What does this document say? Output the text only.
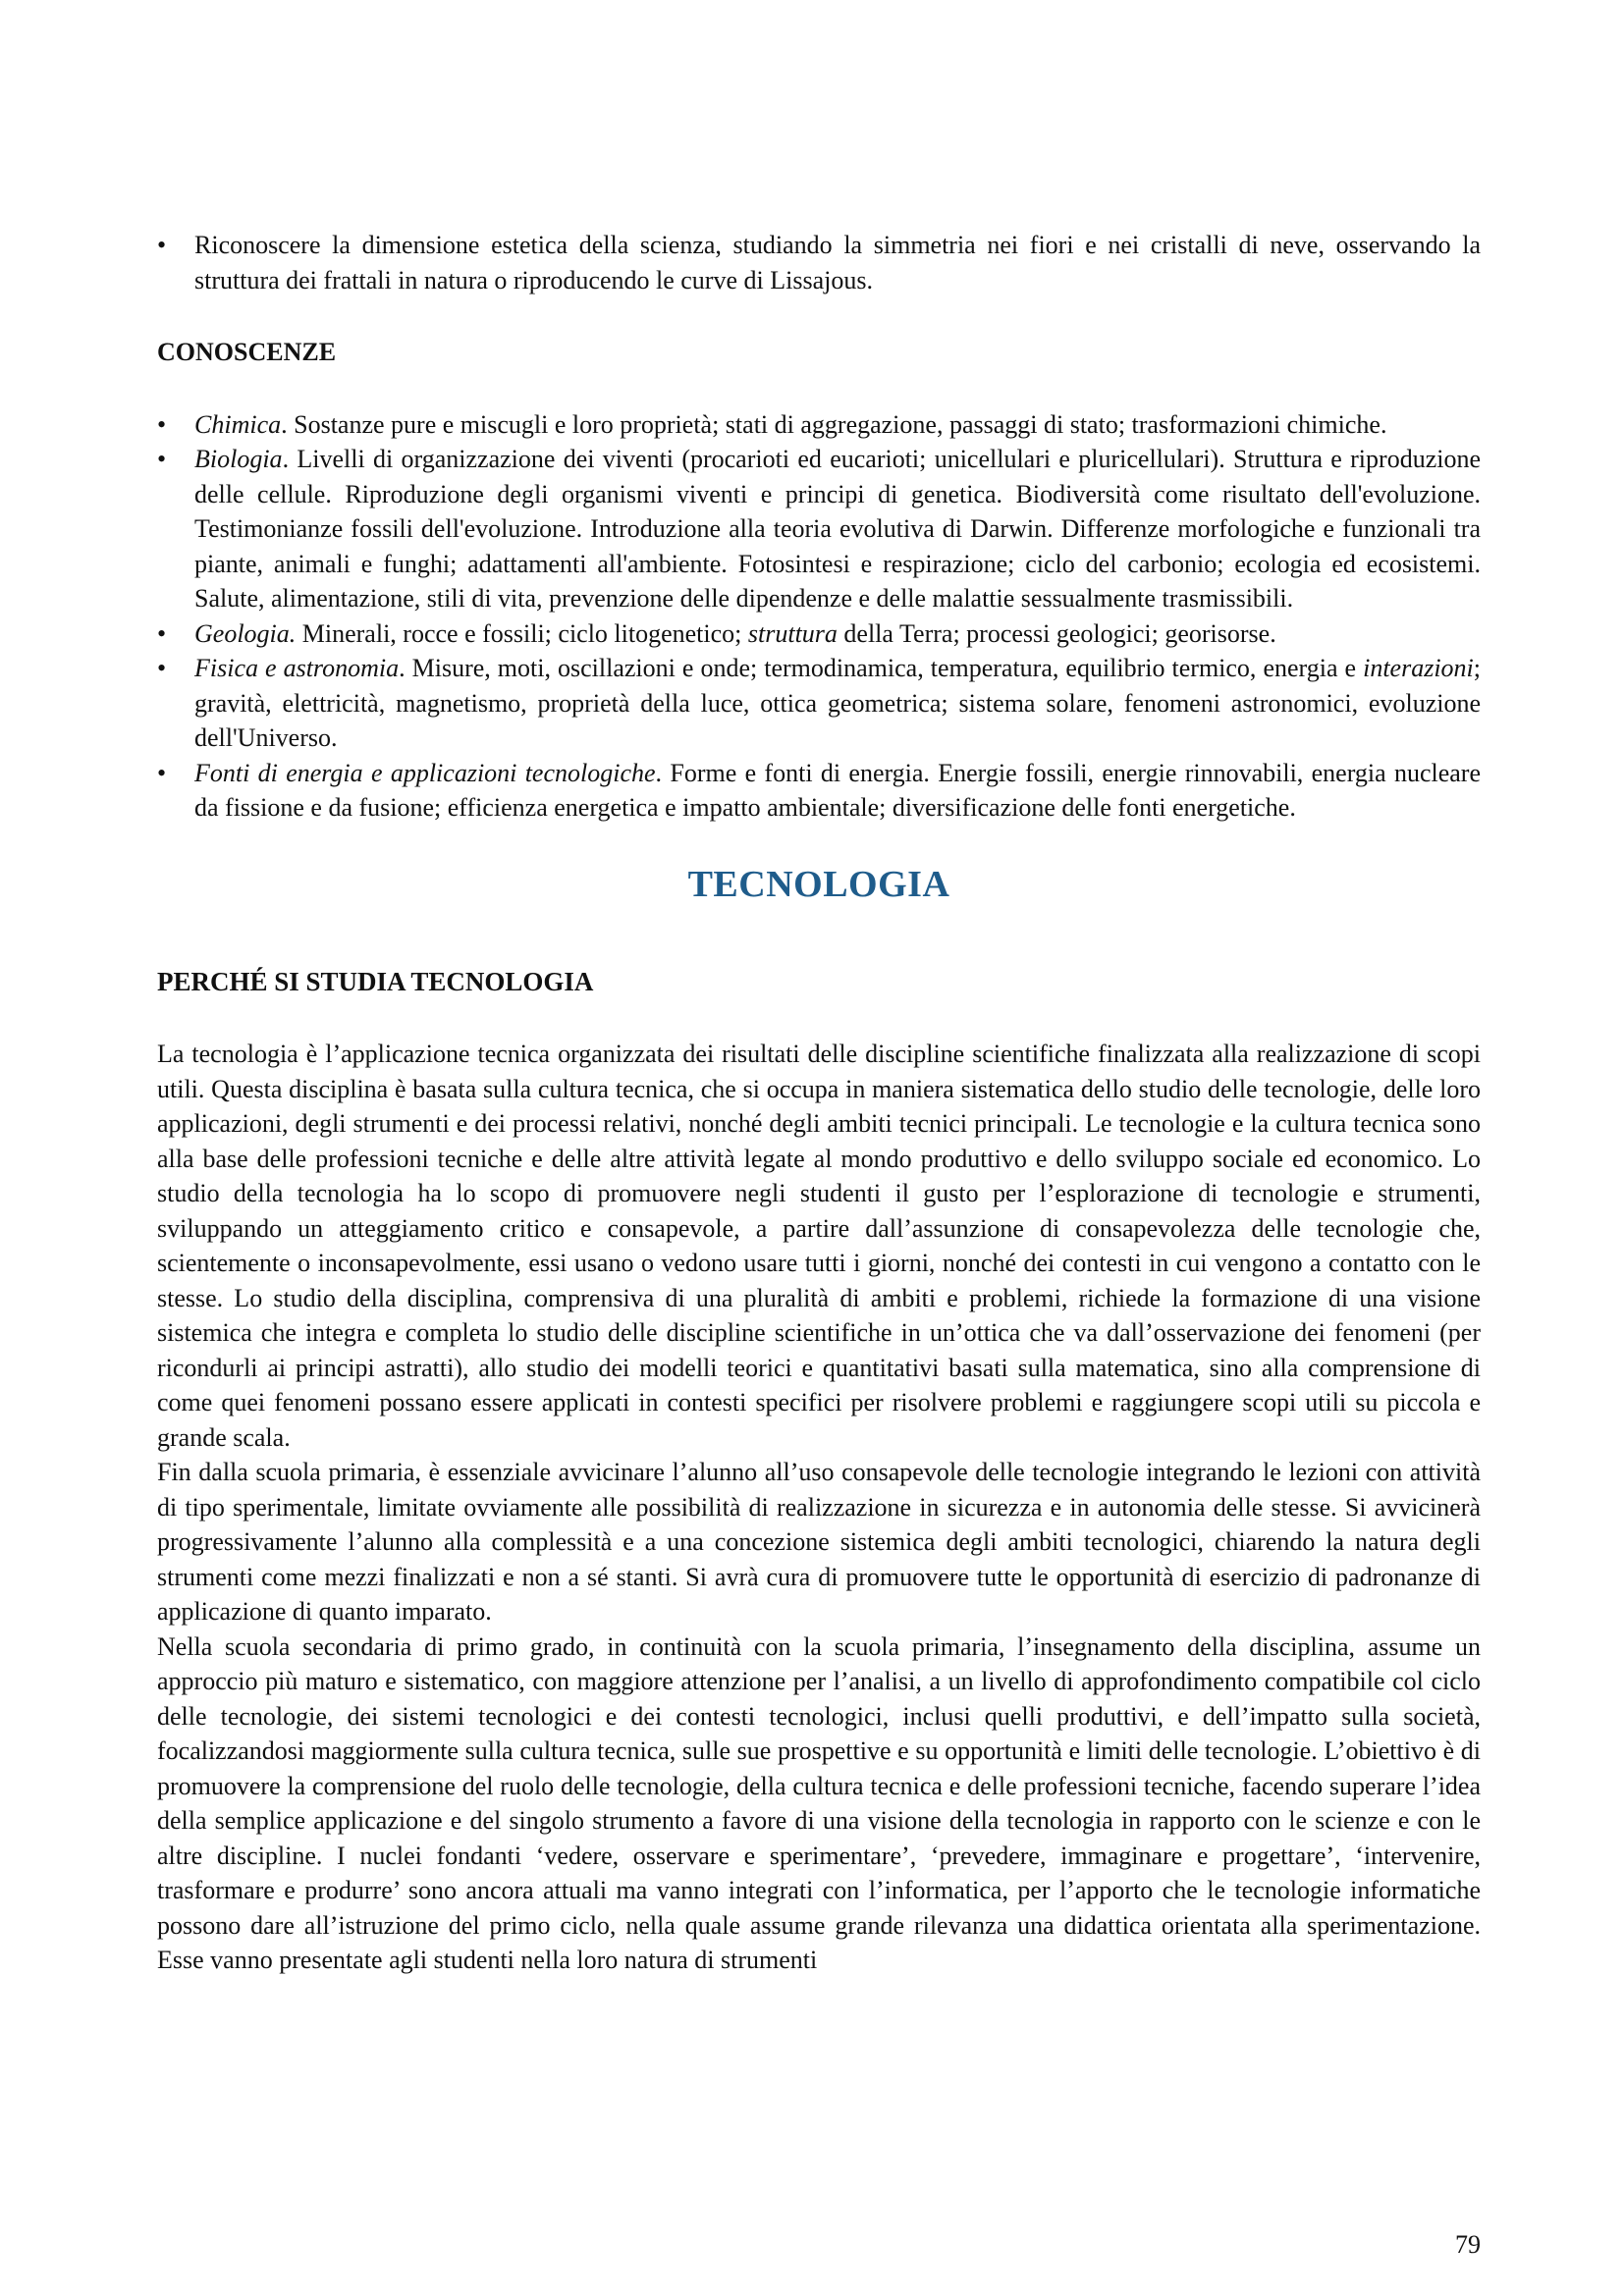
• Riconoscere la dimensione estetica della scienza, studiando la simmetria nei fiori e nei cristalli di neve, osservando la struttura dei frattali in natura o riproducendo le curve di Lissajous.
CONOSCENZE
• Chimica. Sostanze pure e miscugli e loro proprietà; stati di aggregazione, passaggi di stato; trasformazioni chimiche.
• Biologia. Livelli di organizzazione dei viventi (procarioti ed eucarioti; unicellulari e pluricellulari). Struttura e riproduzione delle cellule. Riproduzione degli organismi viventi e principi di genetica. Biodiversità come risultato dell'evoluzione. Testimonianze fossili dell'evoluzione. Introduzione alla teoria evolutiva di Darwin. Differenze morfologiche e funzionali tra piante, animali e funghi; adattamenti all'ambiente. Fotosintesi e respirazione; ciclo del carbonio; ecologia ed ecosistemi. Salute, alimentazione, stili di vita, prevenzione delle dipendenze e delle malattie sessualmente trasmissibili.
• Geologia. Minerali, rocce e fossili; ciclo litogenetico; struttura della Terra; processi geologici; georisorse.
• Fisica e astronomia. Misure, moti, oscillazioni e onde; termodinamica, temperatura, equilibrio termico, energia e interazioni; gravità, elettricità, magnetismo, proprietà della luce, ottica geometrica; sistema solare, fenomeni astronomici, evoluzione dell'Universo.
• Fonti di energia e applicazioni tecnologiche. Forme e fonti di energia. Energie fossili, energie rinnovabili, energia nucleare da fissione e da fusione; efficienza energetica e impatto ambientale; diversificazione delle fonti energetiche.
TECNOLOGIA
PERCHÉ SI STUDIA TECNOLOGIA

La tecnologia è l’applicazione tecnica organizzata dei risultati delle discipline scientifiche finalizzata alla realizzazione di scopi utili. Questa disciplina è basata sulla cultura tecnica, che si occupa in maniera sistematica dello studio delle tecnologie, delle loro applicazioni, degli strumenti e dei processi relativi, nonché degli ambiti tecnici principali. Le tecnologie e la cultura tecnica sono alla base delle professioni tecniche e delle altre attività legate al mondo produttivo e dello sviluppo sociale ed economico. Lo studio della tecnologia ha lo scopo di promuovere negli studenti il gusto per l’esplorazione di tecnologie e strumenti, sviluppando un atteggiamento critico e consapevole, a partire dall’assunzione di consapevolezza delle tecnologie che, scientemente o inconsapevolmente, essi usano o vedono usare tutti i giorni, nonché dei contesti in cui vengono a contatto con le stesse. Lo studio della disciplina, comprensiva di una pluralità di ambiti e problemi, richiede la formazione di una visione sistemica che integra e completa lo studio delle discipline scientifiche in un’ottica che va dall’osservazione dei fenomeni (per ricondurli ai principi astratti), allo studio dei modelli teorici e quantitativi basati sulla matematica, sino alla comprensione di come quei fenomeni possano essere applicati in contesti specifici per risolvere problemi e raggiungere scopi utili su piccola e grande scala.

Fin dalla scuola primaria, è essenziale avvicinare l’alunno all’uso consapevole delle tecnologie integrando le lezioni con attività di tipo sperimentale, limitate ovviamente alle possibilità di realizzazione in sicurezza e in autonomia delle stesse. Si avvicinerà progressivamente l’alunno alla complessità e a una concezione sistemica degli ambiti tecnologici, chiarendo la natura degli strumenti come mezzi finalizzati e non a sé stanti. Si avrà cura di promuovere tutte le opportunità di esercizio di padronanze di applicazione di quanto imparato.

Nella scuola secondaria di primo grado, in continuità con la scuola primaria, l’insegnamento della disciplina, assume un approccio più maturo e sistematico, con maggiore attenzione per l’analisi, a un livello di approfondimento compatibile col ciclo delle tecnologie, dei sistemi tecnologici e dei contesti tecnologici, inclusi quelli produttivi, e dell’impatto sulla società, focalizzandosi maggiormente sulla cultura tecnica, sulle sue prospettive e su opportunità e limiti delle tecnologie. L’obiettivo è di promuovere la comprensione del ruolo delle tecnologie, della cultura tecnica e delle professioni tecniche, facendo superare l’idea della semplice applicazione e del singolo strumento a favore di una visione della tecnologia in rapporto con le scienze e con le altre discipline. I nuclei fondanti ‘vedere, osservare e sperimentare’, ‘prevedere, immaginare e progettare’, ‘intervenire, trasformare e produrre’ sono ancora attuali ma vanno integrati con l’informatica, per l’apporto che le tecnologie informatiche possono dare all’istruzione del primo ciclo, nella quale assume grande rilevanza una didattica orientata alla sperimentazione. Esse vanno presentate agli studenti nella loro natura di strumenti

79
